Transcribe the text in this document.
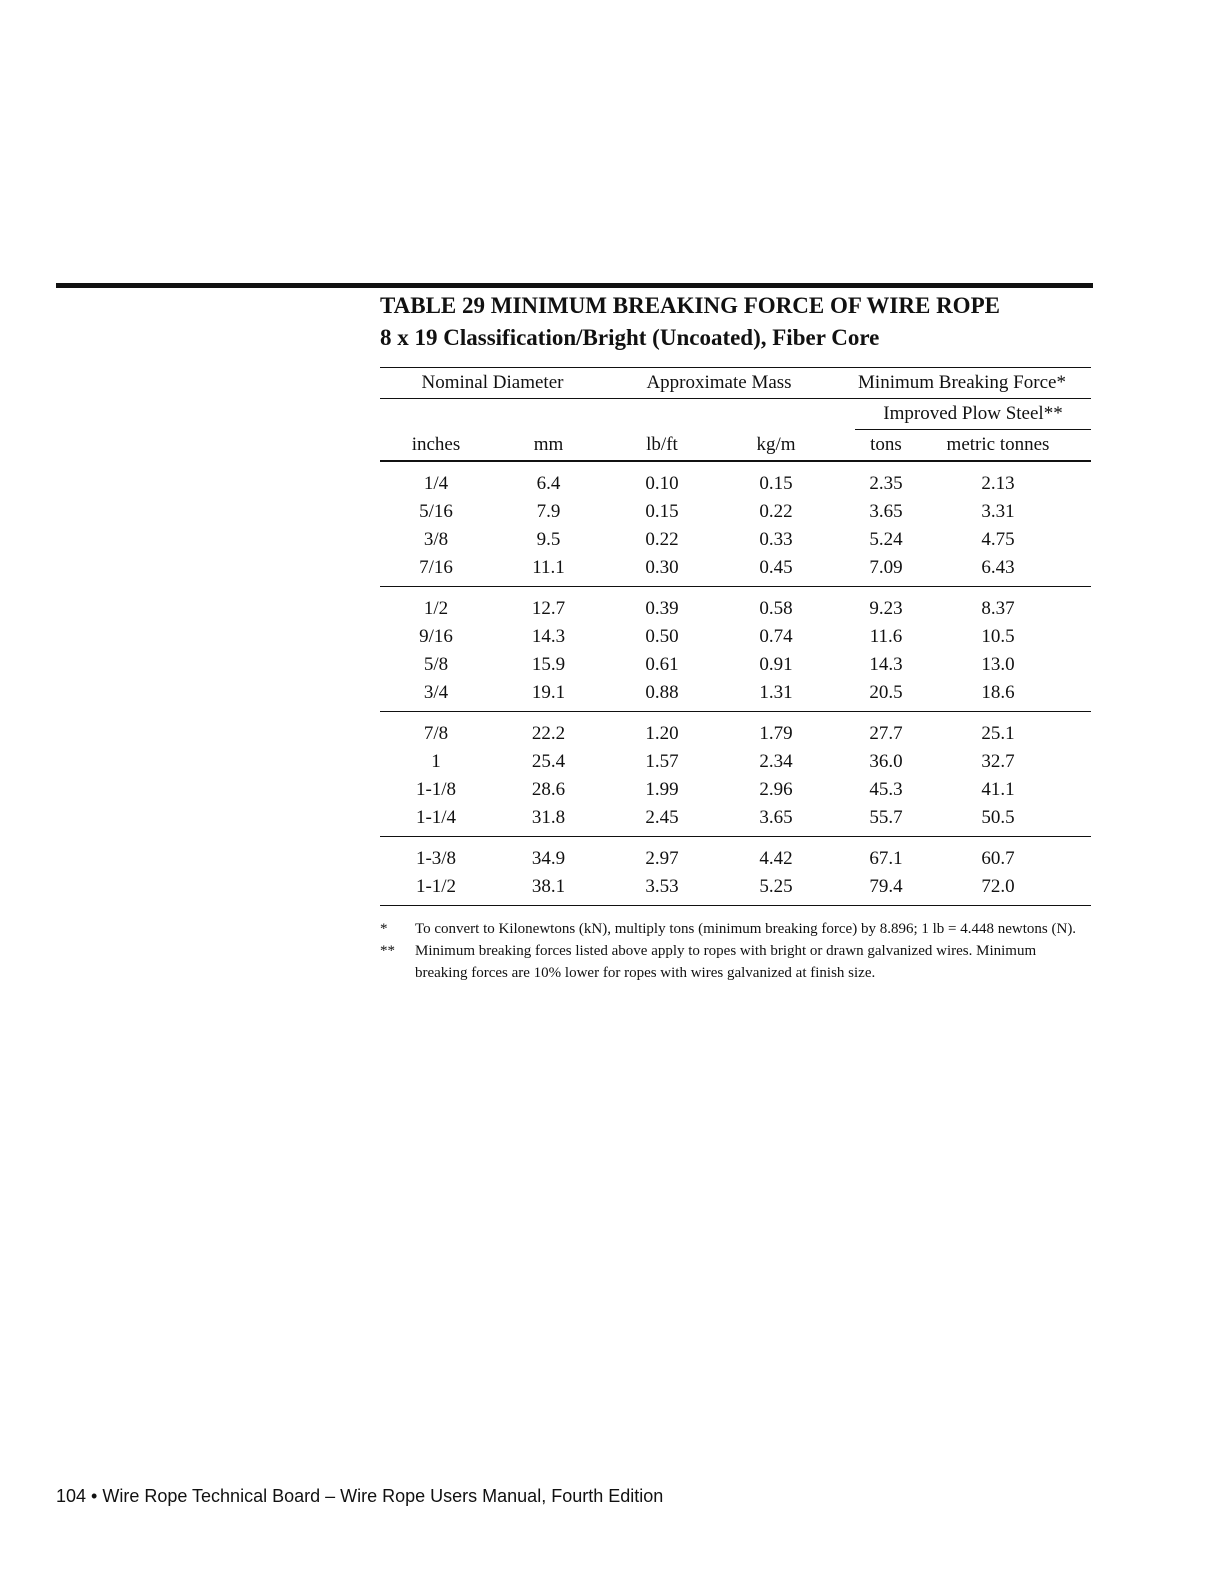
TABLE 29 MINIMUM BREAKING FORCE OF WIRE ROPE
8 x 19 Classification/Bright (Uncoated), Fiber Core
Nominal Diameter	Approximate Mass	Minimum Breaking Force*
Improved Plow Steel**
inches	mm	lb/ft	kg/m	tons	metric tonnes
1/4	6.4	0.10	0.15	2.35	2.13
5/16	7.9	0.15	0.22	3.65	3.31
3/8	9.5	0.22	0.33	5.24	4.75
7/16	11.1	0.30	0.45	7.09	6.43
1/2	12.7	0.39	0.58	9.23	8.37
9/16	14.3	0.50	0.74	11.6	10.5
5/8	15.9	0.61	0.91	14.3	13.0
3/4	19.1	0.88	1.31	20.5	18.6
7/8	22.2	1.20	1.79	27.7	25.1
1	25.4	1.57	2.34	36.0	32.7
1-1/8	28.6	1.99	2.96	45.3	41.1
1-1/4	31.8	2.45	3.65	55.7	50.5
1-3/8	34.9	2.97	4.42	67.1	60.7
1-1/2	38.1	3.53	5.25	79.4	72.0
*	To convert to Kilonewtons (kN), multiply tons (minimum breaking force) by 8.896; 1 lb = 4.448 newtons (N).
**	Minimum breaking forces listed above apply to ropes with bright or drawn galvanized wires. Minimum breaking forces are 10% lower for ropes with wires galvanized at finish size.
104 • Wire Rope Technical Board – Wire Rope Users Manual, Fourth Edition
